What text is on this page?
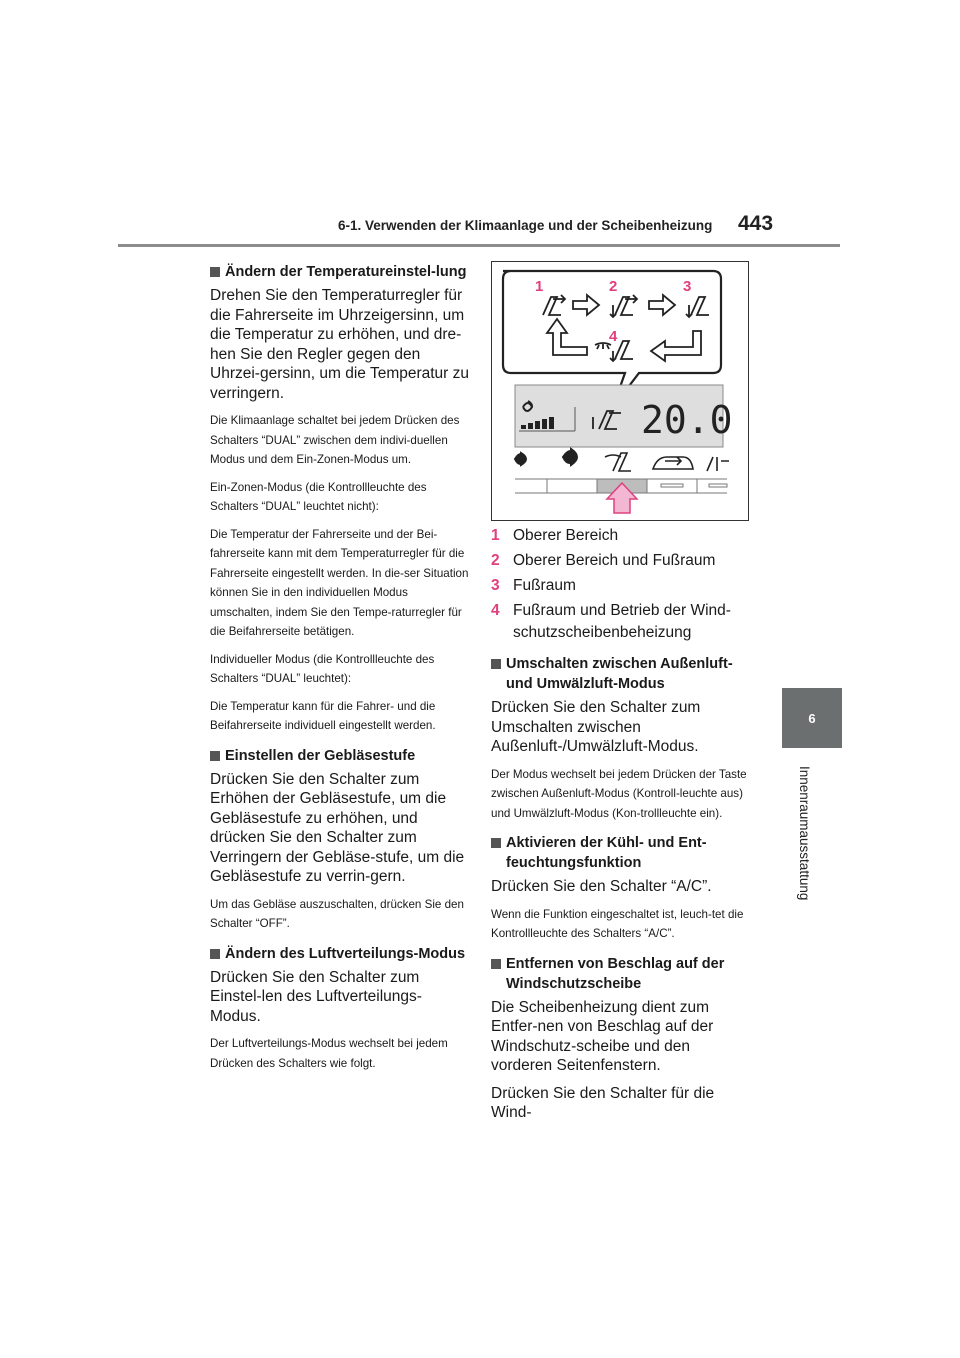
6-1. Verwenden der Klimaanlage und der Scheibenheizung 443
6
Innenraumausstattung
Ändern der Temperatureinstel-lung
Drehen Sie den Temperaturregler für die Fahrerseite im Uhrzeigersinn, um die Temperatur zu erhöhen, und dre-hen Sie den Regler gegen den Uhrzei-gersinn, um die Temperatur zu verringern.
Die Klimaanlage schaltet bei jedem Drücken des Schalters “DUAL” zwischen dem indivi-duellen Modus und dem Ein-Zonen-Modus um.
Ein-Zonen-Modus (die Kontrollleuchte des Schalters “DUAL” leuchtet nicht):
Die Temperatur der Fahrerseite und der Bei-fahrerseite kann mit dem Temperaturregler für die Fahrerseite eingestellt werden. In die-ser Situation können Sie in den individuellen Modus umschalten, indem Sie den Tempe-raturregler für die Beifahrerseite betätigen.
Individueller Modus (die Kontrollleuchte des Schalters “DUAL” leuchtet):
Die Temperatur kann für die Fahrer- und die Beifahrerseite individuell eingestellt werden.
Einstellen der Gebläsestufe
Drücken Sie den Schalter zum Erhöhen der Gebläsestufe, um die Gebläsestufe zu erhöhen, und drücken Sie den Schalter zum Verringern der Gebläse-stufe, um die Gebläsestufe zu verrin-gern.
Um das Gebläse auszuschalten, drücken Sie den Schalter “OFF”.
Ändern des Luftverteilungs-Modus
Drücken Sie den Schalter zum Einstel-len des Luftverteilungs-Modus.
Der Luftverteilungs-Modus wechselt bei jedem Drücken des Schalters wie folgt.
1	2	3
4
20.0
1 Oberer Bereich
2 Oberer Bereich und Fußraum
3 Fußraum
4 Fußraum und Betrieb der Wind-schutzscheibenbeheizung
Umschalten zwischen Außenluft- und Umwälzluft-Modus
Drücken Sie den Schalter zum Umschalten zwischen Außenluft-/Umwälzluft-Modus.
Der Modus wechselt bei jedem Drücken der Taste zwischen Außenluft-Modus (Kontroll-leuchte aus) und Umwälzluft-Modus (Kon-trollleuchte ein).
Aktivieren der Kühl- und Ent-feuchtungsfunktion
Drücken Sie den Schalter “A/C”.
Wenn die Funktion eingeschaltet ist, leuch-tet die Kontrollleuchte des Schalters “A/C”.
Entfernen von Beschlag auf der Windschutzscheibe
Die Scheibenheizung dient zum Entfer-nen von Beschlag auf der Windschutz-scheibe und den vorderen Seitenfenstern.
Drücken Sie den Schalter für die Wind-
